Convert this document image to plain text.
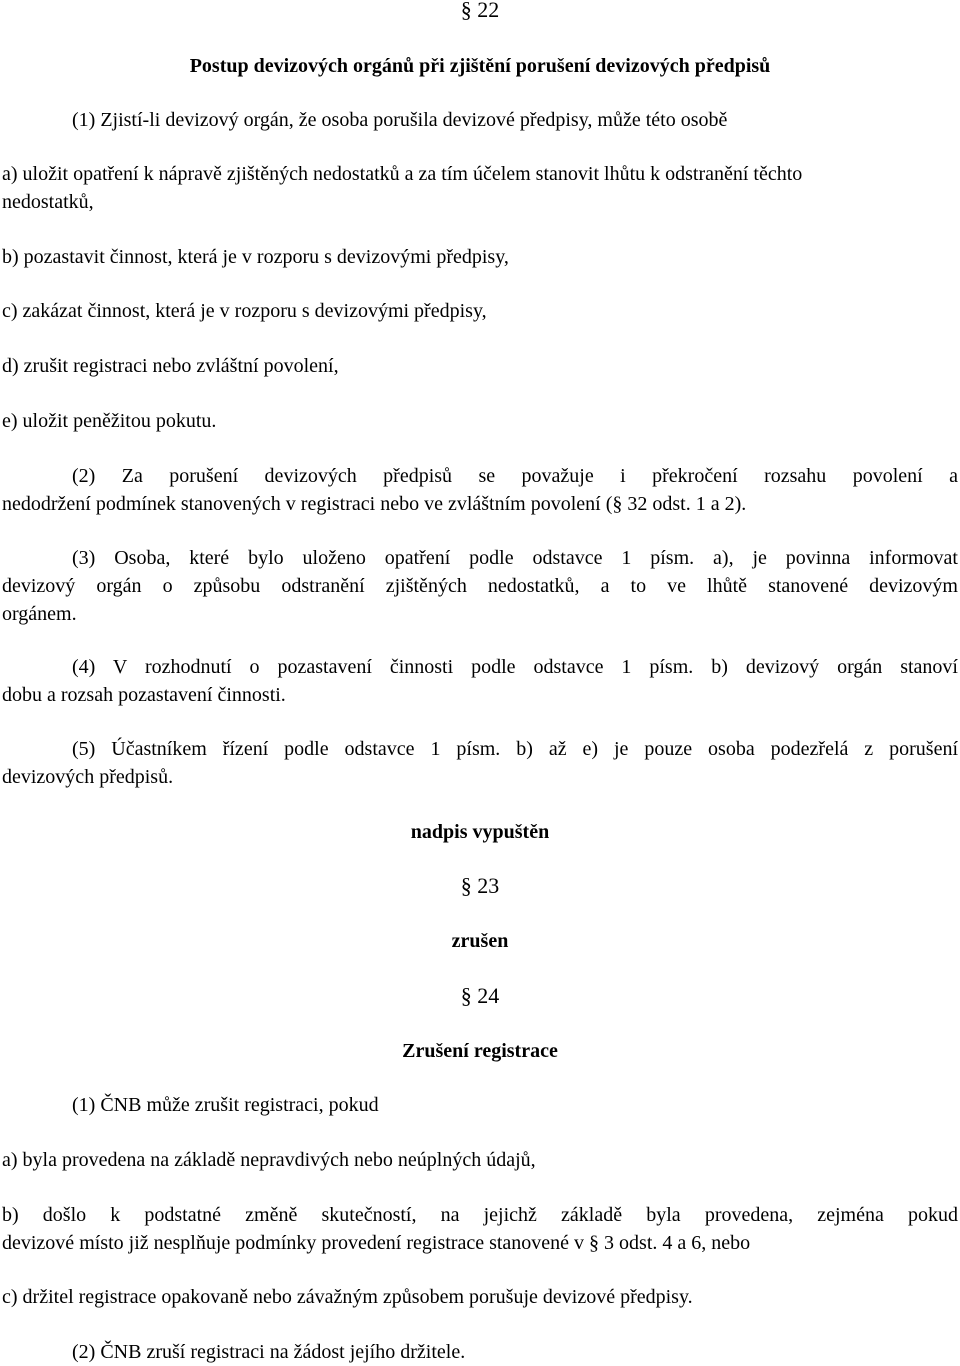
§ 22
Postup devizových orgánů při zjištění porušení devizových předpisů
(1) Zjistí-li devizový orgán, že osoba porušila devizové předpisy, může této osobě
a) uložit opatření k nápravě zjištěných nedostatků a za tím účelem stanovit lhůtu k odstranění těchto
nedostatků,
b) pozastavit činnost, která je v rozporu s devizovými předpisy,
c) zakázat činnost, která je v rozporu s devizovými předpisy,
d) zrušit registraci nebo zvláštní povolení,
e) uložit peněžitou pokutu.
(2) Za porušení devizových předpisů se považuje i překročení rozsahu povolení a
nedodržení podmínek stanovených v registraci nebo ve zvláštním povolení (§ 32 odst. 1 a 2).
(3) Osoba, které bylo uloženo opatření podle odstavce 1 písm. a), je povinna informovat
devizový orgán o způsobu odstranění zjištěných nedostatků, a to ve lhůtě stanovené devizovým
orgánem.
(4) V rozhodnutí o pozastavení činnosti podle odstavce 1 písm. b) devizový orgán stanoví
dobu a rozsah pozastavení činnosti.
(5) Účastníkem řízení podle odstavce 1 písm. b) až e) je pouze osoba podezřelá z porušení
devizových předpisů.
nadpis vypuštěn
§ 23
zrušen
§ 24
Zrušení registrace
(1) ČNB může zrušit registraci, pokud
a) byla provedena na základě nepravdivých nebo neúplných údajů,
b) došlo k podstatné změně skutečností, na jejichž základě byla provedena, zejména pokud
devizové místo již nesplňuje podmínky provedení registrace stanovené v § 3 odst. 4 a 6, nebo
c) držitel registrace opakovaně nebo závažným způsobem porušuje devizové předpisy.
(2) ČNB zruší registraci na žádost jejího držitele.
